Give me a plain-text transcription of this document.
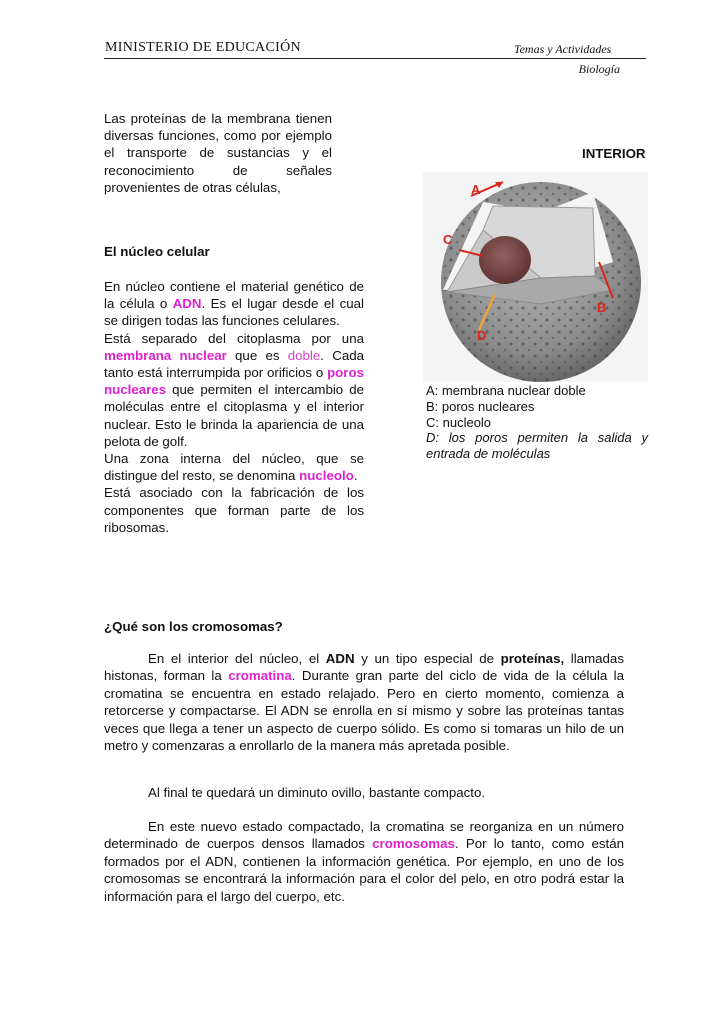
MINISTERIO DE EDUCACIÓN	Temas y Actividades
Biología

Las proteínas de la membrana tienen diversas funciones, como por ejemplo el transporte de sustancias y el reconocimiento de señales provenientes de otras células,

El núcleo celular

En núcleo contiene el material genético de la célula o ADN. Es el lugar desde el cual se dirigen todas las funciones celulares.

Está separado del citoplasma por una membrana nuclear que es doble. Cada tanto está interrumpida por orificios o poros nucleares que permiten el intercambio de moléculas entre el citoplasma y el interior nuclear. Esto le brinda la apariencia de una pelota de golf.

Una zona interna del núcleo, que se distingue del resto, se denomina nucleolo.

Está asociado con la fabricación de los componentes que forman parte de los ribosomas.

INTERIOR
A
C
B
D
A: membrana nuclear doble
B: poros nucleares
C: nucleolo
D: los poros permiten la salida y entrada de moléculas
¿Qué son los cromosomas?

En el interior del núcleo, el ADN y un tipo especial de proteínas, llamadas histonas, forman la cromatina. Durante gran parte del ciclo de vida de la célula la cromatina se encuentra en estado relajado. Pero en cierto momento, comienza a retorcerse y compactarse. El ADN se enrolla en sí mismo y sobre las proteínas tantas veces que llega a tener un aspecto de cuerpo sólido. Es como si tomaras un hilo de un metro y comenzaras a enrollarlo de la manera más apretada posible.

Al final te quedará un diminuto ovillo, bastante compacto.

En este nuevo estado compactado, la cromatina se reorganiza en un número determinado de cuerpos densos llamados cromosomas. Por lo tanto, como están formados por el ADN, contienen la información genética. Por ejemplo, en uno de los cromosomas se encontrará la información para el color del pelo, en otro podrá estar la información para el largo del cuerpo, etc.
